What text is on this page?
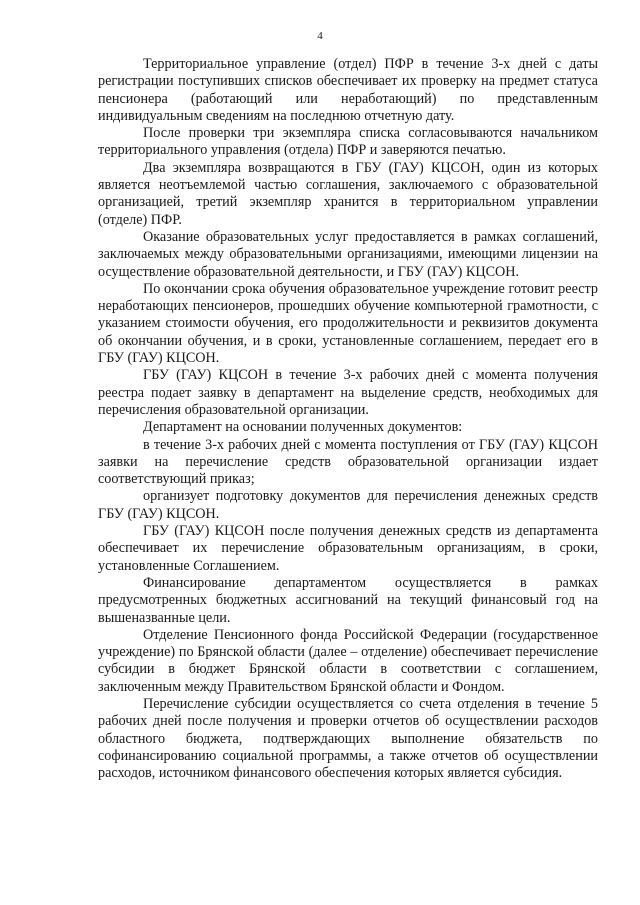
4

Территориальное управление (отдел) ПФР в течение 3-х дней с даты регистрации поступивших списков обеспечивает их проверку на предмет статуса пенсионера (работающий или неработающий) по представленным индивидуальным сведениям на последнюю отчетную дату.

После проверки три экземпляра списка согласовываются начальником территориального управления (отдела) ПФР и заверяются печатью.

Два экземпляра возвращаются в ГБУ (ГАУ) КЦСОН, один из которых является неотъемлемой частью соглашения, заключаемого с образовательной организацией, третий экземпляр хранится в территориальном управлении (отделе) ПФР.

Оказание образовательных услуг предоставляется в рамках соглашений, заключаемых между образовательными организациями, имеющими лицензии на осуществление образовательной деятельности, и ГБУ (ГАУ) КЦСОН.

По окончании срока обучения образовательное учреждение готовит реестр неработающих пенсионеров, прошедших обучение компьютерной грамотности, с указанием стоимости обучения, его продолжительности и реквизитов документа об окончании обучения, и в сроки, установленные соглашением, передает его в ГБУ (ГАУ) КЦСОН.

ГБУ (ГАУ) КЦСОН в течение 3-х рабочих дней с момента получения реестра подает заявку в департамент на выделение средств, необходимых для перечисления образовательной организации.

Департамент на основании полученных документов:

в течение 3-х рабочих дней с момента поступления от ГБУ (ГАУ) КЦСОН заявки на перечисление средств образовательной организации издает соответствующий приказ;

организует подготовку документов для перечисления денежных средств ГБУ (ГАУ) КЦСОН.

ГБУ (ГАУ) КЦСОН после получения денежных средств из департамента обеспечивает их перечисление образовательным организациям, в сроки, установленные Соглашением.

Финансирование департаментом осуществляется в рамках предусмотренных бюджетных ассигнований на текущий финансовый год на вышеназванные цели.

Отделение Пенсионного фонда Российской Федерации (государственное учреждение) по Брянской области (далее – отделение) обеспечивает перечисление субсидии в бюджет Брянской области в соответствии с соглашением, заключенным между Правительством Брянской области и Фондом.

Перечисление субсидии осуществляется со счета отделения в течение 5 рабочих дней после получения и проверки отчетов об осуществлении расходов областного бюджета, подтверждающих выполнение обязательств по софинансированию социальной программы, а также отчетов об осуществлении расходов, источником финансового обеспечения которых является субсидия.
